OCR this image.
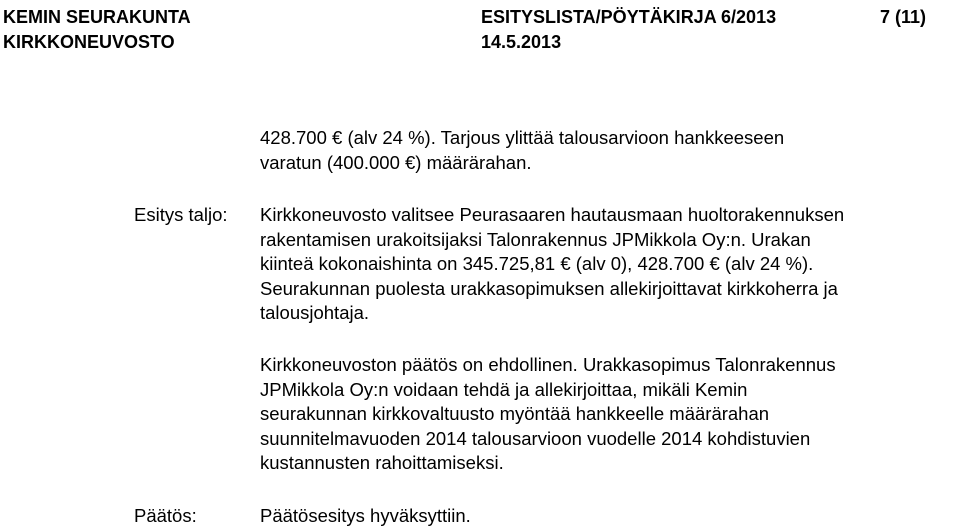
KEMIN SEURAKUNTA
KIRKKONEUVOSTO
ESITYSLISTA/PÖYTÄKIRJA 6/2013
14.5.2013
7 (11)
428.700 € (alv 24 %). Tarjous ylittää talousarvioon hankkeeseen
varatun (400.000 €) määrärahan.
Esitys taljo: Kirkkoneuvosto valitsee Peurasaaren hautausmaan huoltorakennuksen
rakentamisen urakoitsijaksi Talonrakennus JPMikkola Oy:n. Urakan
kiinteä kokonaishinta on 345.725,81 € (alv 0), 428.700 € (alv 24 %).
Seurakunnan puolesta urakkasopimuksen allekirjoittavat kirkkoherra ja
talousjohtaja.
Kirkkoneuvoston päätös on ehdollinen. Urakkasopimus Talonrakennus
JPMikkola Oy:n voidaan tehdä ja allekirjoittaa, mikäli Kemin
seurakunnan kirkkovaltuusto myöntää hankkeelle määrärahan
suunnitelmavuoden 2014 talousarvioon vuodelle 2014 kohdistuvien
kustannusten rahoittamiseksi.
Päätös:	Päätösesitys hyväksyttiin.
